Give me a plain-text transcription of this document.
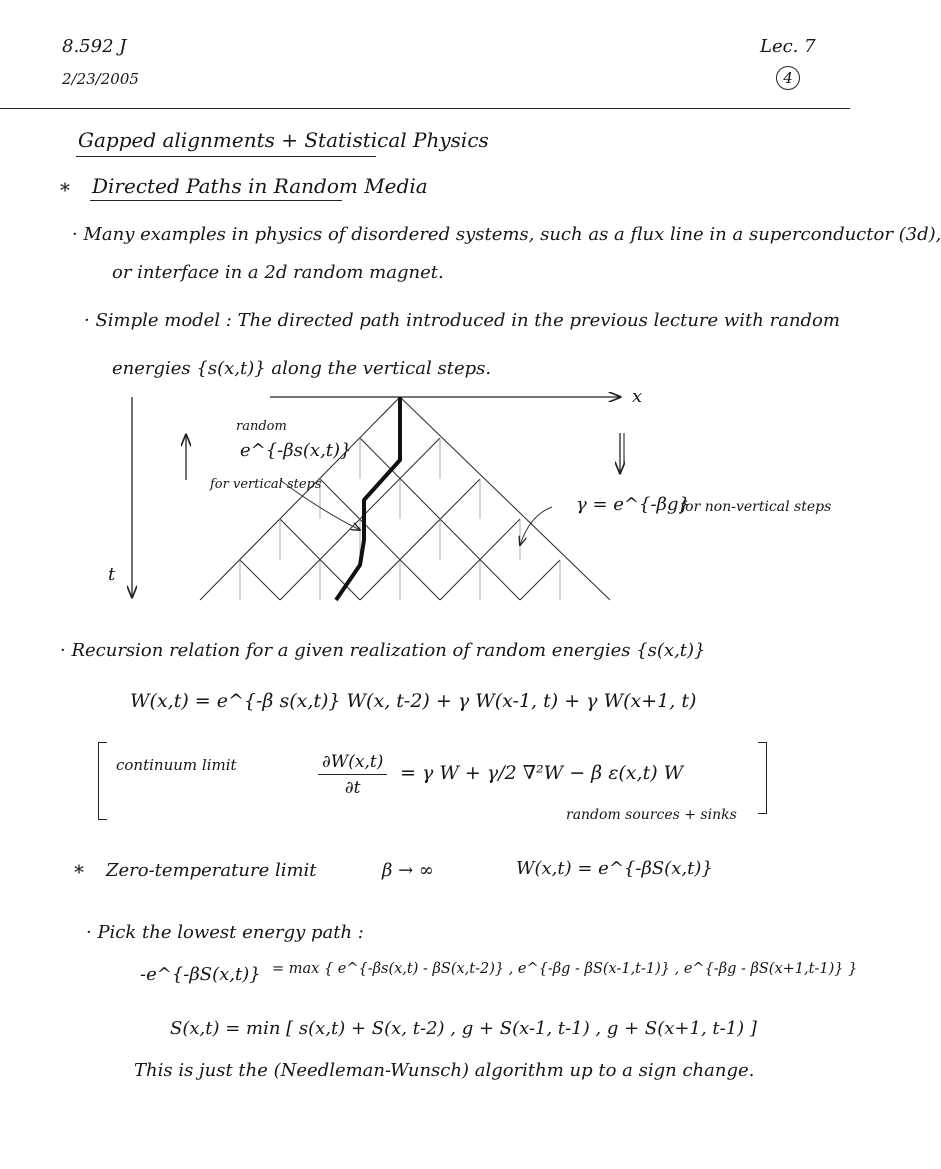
8.592 J
2/23/2005
Lec. 7
4
Gapped alignments + Statistical Physics
* Directed Paths in Random Media
· Many examples in physics of disordered systems, such as a flux line in a superconductor (3d),
or interface in a 2d random magnet.
· Simple model : The directed path introduced in the previous lecture with random
energies {s(x,t)} along the vertical steps.
x
t
random
e^{-βs(x,t)}
for vertical steps
γ = e^{-βg}
for non-vertical steps
· Recursion relation for a given realization of random energies {s(x,t)}
W(x,t) = e^{-β s(x,t)} W(x, t-2) + γ W(x-1, t) + γ W(x+1, t)
continuum limit	$\frac{\partial W(x,t)}{\partial t} = \gamma$ W + γ/2 ∇²W − β ε(x,t) W
random sources + sinks
* Zero-temperature limit	β → ∞	W(x,t) = e^{-βS(x,t)}
· Pick the lowest energy path :
-e^{-βS(x,t)} = max { e^{-βs(x,t) - βS(x,t-2)} , e^{-βg - βS(x-1,t-1)} , e^{-βg - βS(x+1,t-1)} }
S(x,t) = min [ s(x,t) + S(x, t-2) , g + S(x-1, t-1) , g + S(x+1, t-1) ]
This is just the (Needleman-Wunsch) algorithm up to a sign change.
